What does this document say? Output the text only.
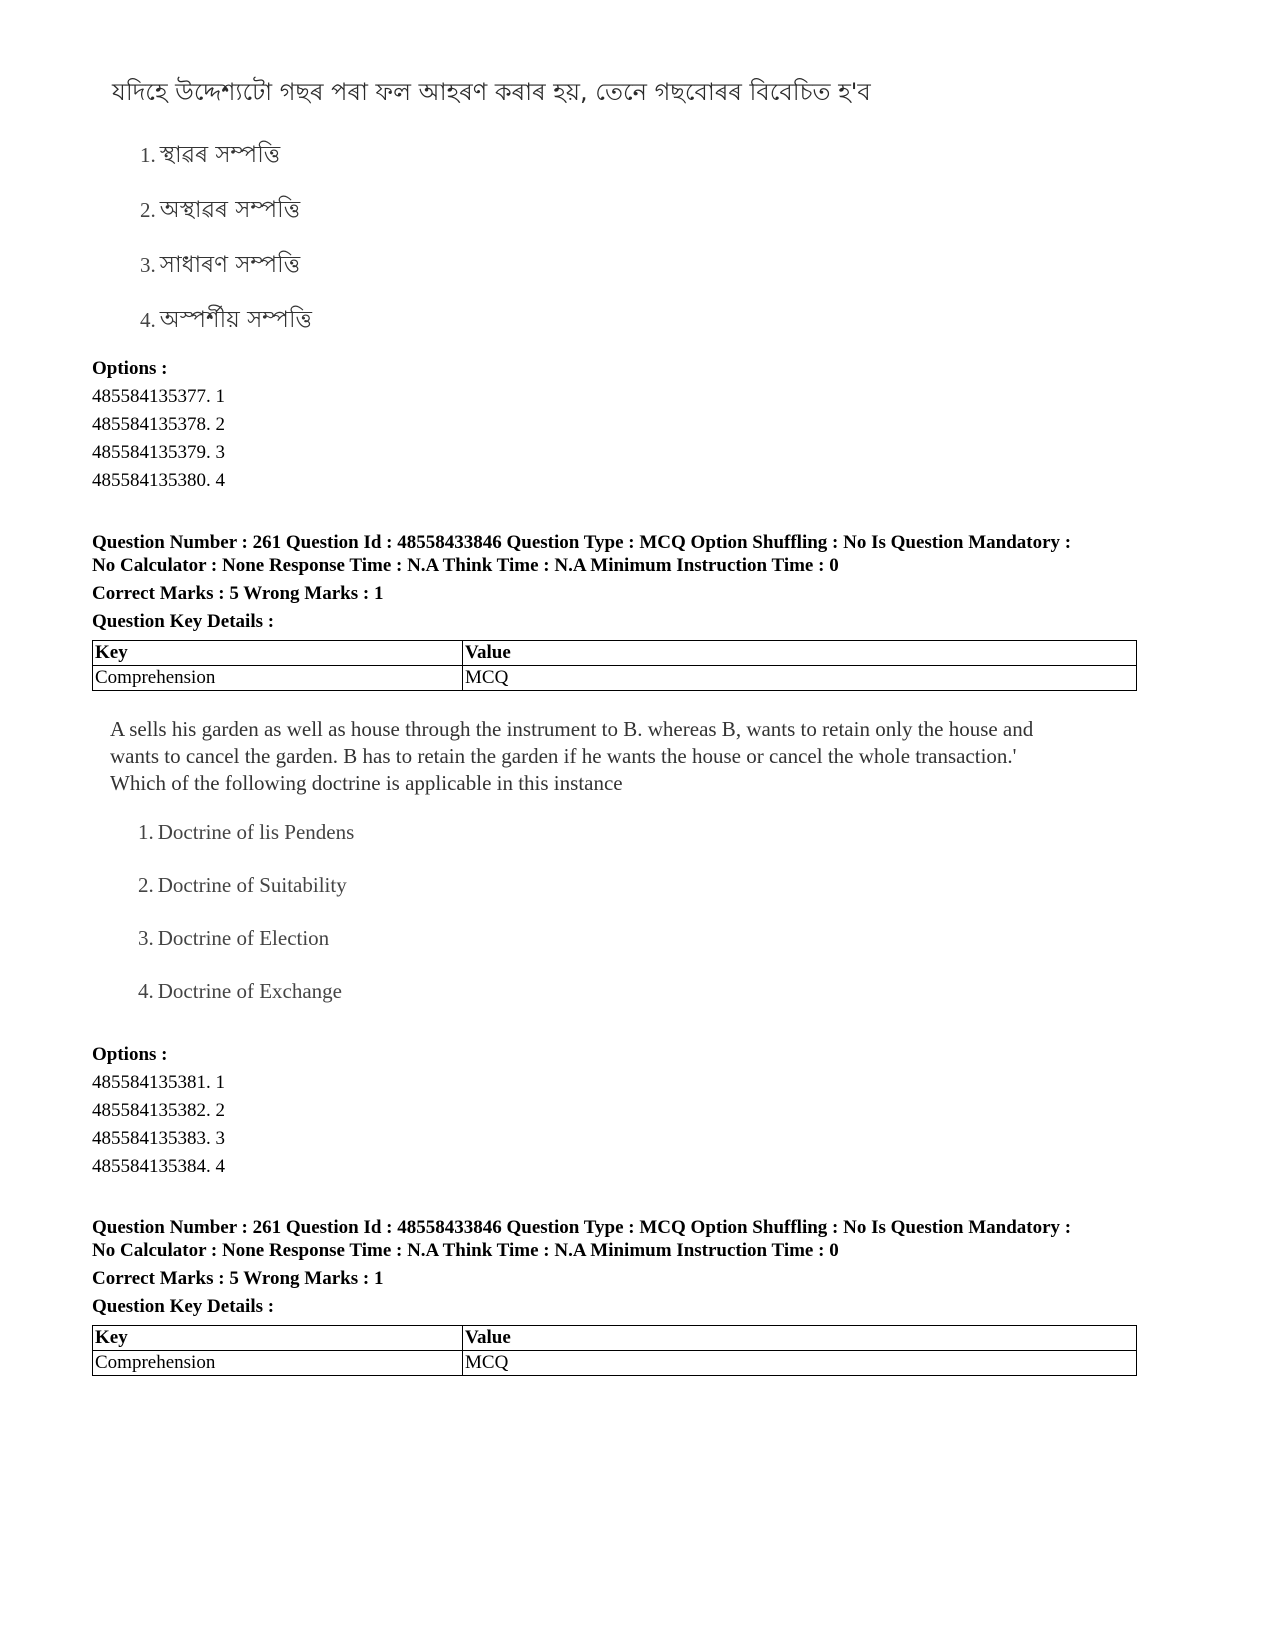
যদিহে উদ্দেশ্যটো গছৰ পৰা ফল আহৰণ কৰাৰ হয়, তেনে গছবোৰৰ বিবেচিত হ'ব
1. স্থাৱৰ সম্পত্তি
2. অস্থাৱৰ সম্পত্তি
3. সাধাৰণ সম্পত্তি
4. অস্পৰ্শীয় সম্পত্তি
Options :
485584135377. 1
485584135378. 2
485584135379. 3
485584135380. 4
Question Number : 261 Question Id : 48558433846 Question Type : MCQ Option Shuffling : No Is Question Mandatory :
No Calculator : None Response Time : N.A Think Time : N.A Minimum Instruction Time : 0
Correct Marks : 5 Wrong Marks : 1
Question Key Details :
Key	Value
Comprehension	MCQ
A sells his garden as well as house through the instrument to B. whereas B, wants to retain only the house and
wants to cancel the garden. B has to retain the garden if he wants the house or cancel the whole transaction.'
Which of the following doctrine is applicable in this instance
1. Doctrine of lis Pendens
2. Doctrine of Suitability
3. Doctrine of Election
4. Doctrine of Exchange
Options :
485584135381. 1
485584135382. 2
485584135383. 3
485584135384. 4
Question Number : 261 Question Id : 48558433846 Question Type : MCQ Option Shuffling : No Is Question Mandatory :
No Calculator : None Response Time : N.A Think Time : N.A Minimum Instruction Time : 0
Correct Marks : 5 Wrong Marks : 1
Question Key Details :
Key	Value
Comprehension	MCQ
